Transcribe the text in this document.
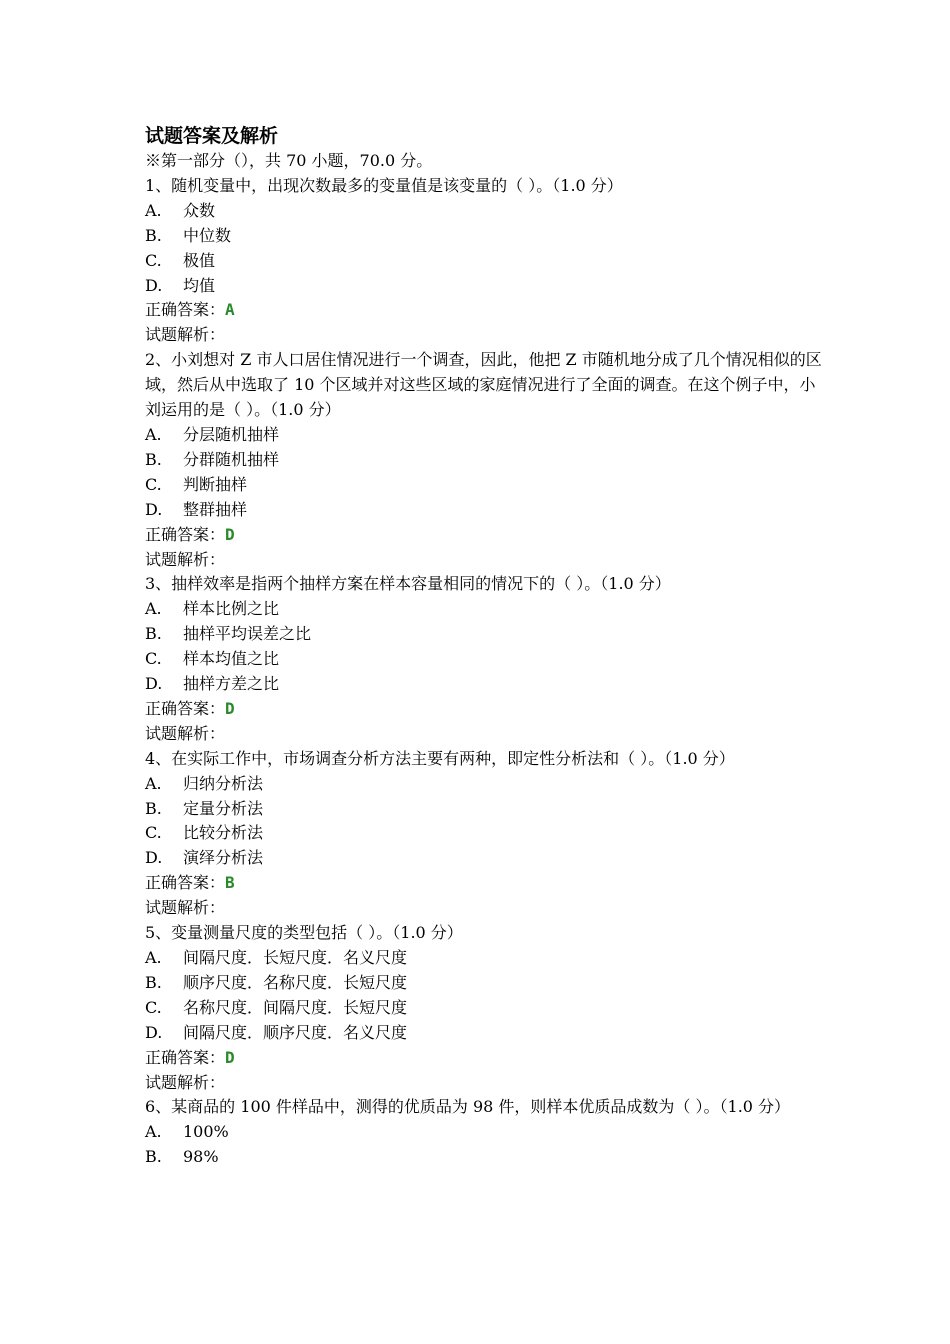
试题答案及解析
※第一部分（），共 70 小题，70.0 分。
1、随机变量中，出现次数最多的变量值是该变量的（ ）。（1.0 分）
A. 众数
B. 中位数
C. 极值
D. 均值
正确答案：A
试题解析：
2、小刘想对 Z 市人口居住情况进行一个调查，因此，他把 Z 市随机地分成了几个情况相似的区域，然后从中选取了 10 个区域并对这些区域的家庭情况进行了全面的调查。在这个例子中，小刘运用的是（ ）。（1.0 分）
A. 分层随机抽样
B. 分群随机抽样
C. 判断抽样
D. 整群抽样
正确答案：D
试题解析：
3、抽样效率是指两个抽样方案在样本容量相同的情况下的（ ）。（1.0 分）
A. 样本比例之比
B. 抽样平均误差之比
C. 样本均值之比
D. 抽样方差之比
正确答案：D
试题解析：
4、在实际工作中，市场调查分析方法主要有两种，即定性分析法和（ ）。（1.0 分）
A. 归纳分析法
B. 定量分析法
C. 比较分析法
D. 演绎分析法
正确答案：B
试题解析：
5、变量测量尺度的类型包括（ ）。（1.0 分）
A. 间隔尺度．长短尺度．名义尺度
B. 顺序尺度．名称尺度．长短尺度
C. 名称尺度．间隔尺度．长短尺度
D. 间隔尺度．顺序尺度．名义尺度
正确答案：D
试题解析：
6、某商品的 100 件样品中，测得的优质品为 98 件，则样本优质品成数为（ ）。（1.0 分）
A. 100%
B. 98%
